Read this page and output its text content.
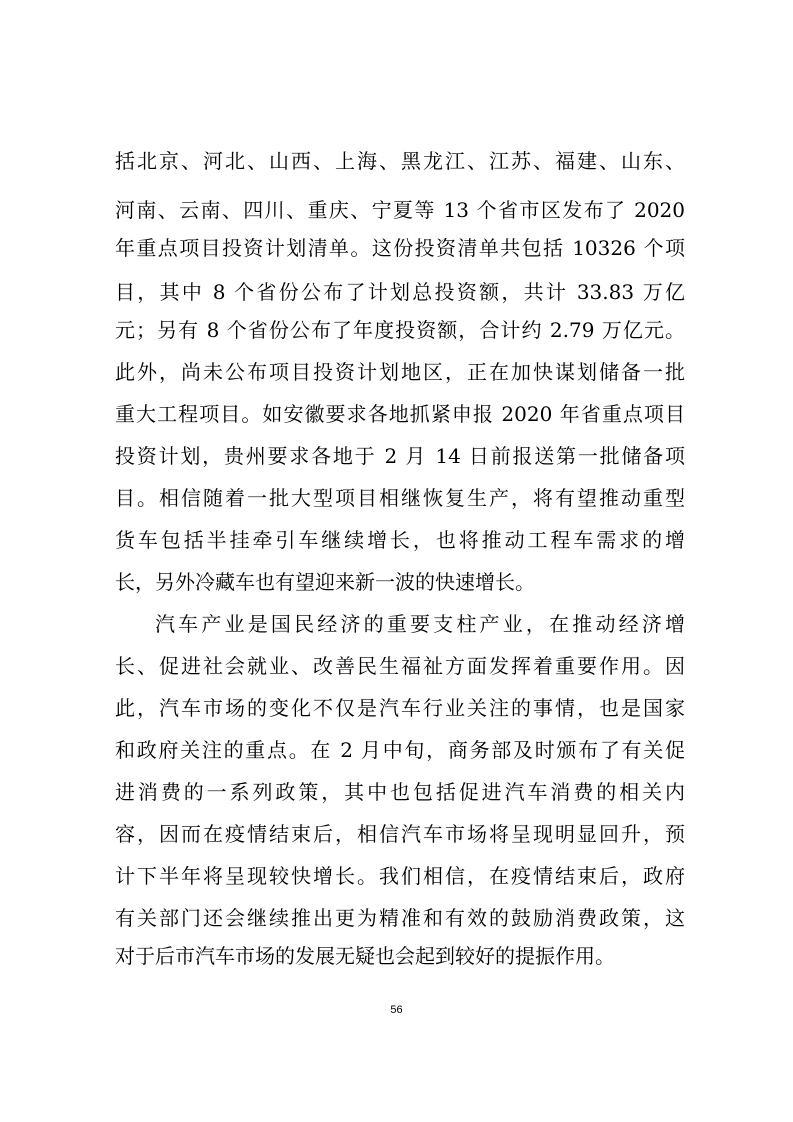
括北京、河北、山西、上海、黑龙江、江苏、福建、山东、
河南、云南、四川、重庆、宁夏等 13 个省市区发布了 2020
年重点项目投资计划清单。这份投资清单共包括 10326 个项
目，其中 8 个省份公布了计划总投资额，共计 33.83 万亿
元；另有 8 个省份公布了年度投资额，合计约 2.79 万亿元。
此外，尚未公布项目投资计划地区，正在加快谋划储备一批
重大工程项目。如安徽要求各地抓紧申报 2020 年省重点项目
投资计划，贵州要求各地于 2 月 14 日前报送第一批储备项
目。相信随着一批大型项目相继恢复生产，将有望推动重型
货车包括半挂牵引车继续增长，也将推动工程车需求的增
长，另外冷藏车也有望迎来新一波的快速增长。
汽车产业是国民经济的重要支柱产业，在推动经济增
长、促进社会就业、改善民生福祉方面发挥着重要作用。因
此，汽车市场的变化不仅是汽车行业关注的事情，也是国家
和政府关注的重点。在 2 月中旬，商务部及时颁布了有关促
进消费的一系列政策，其中也包括促进汽车消费的相关内
容，因而在疫情结束后，相信汽车市场将呈现明显回升，预
计下半年将呈现较快增长。我们相信，在疫情结束后，政府
有关部门还会继续推出更为精准和有效的鼓励消费政策，这
对于后市汽车市场的发展无疑也会起到较好的提振作用。
56
